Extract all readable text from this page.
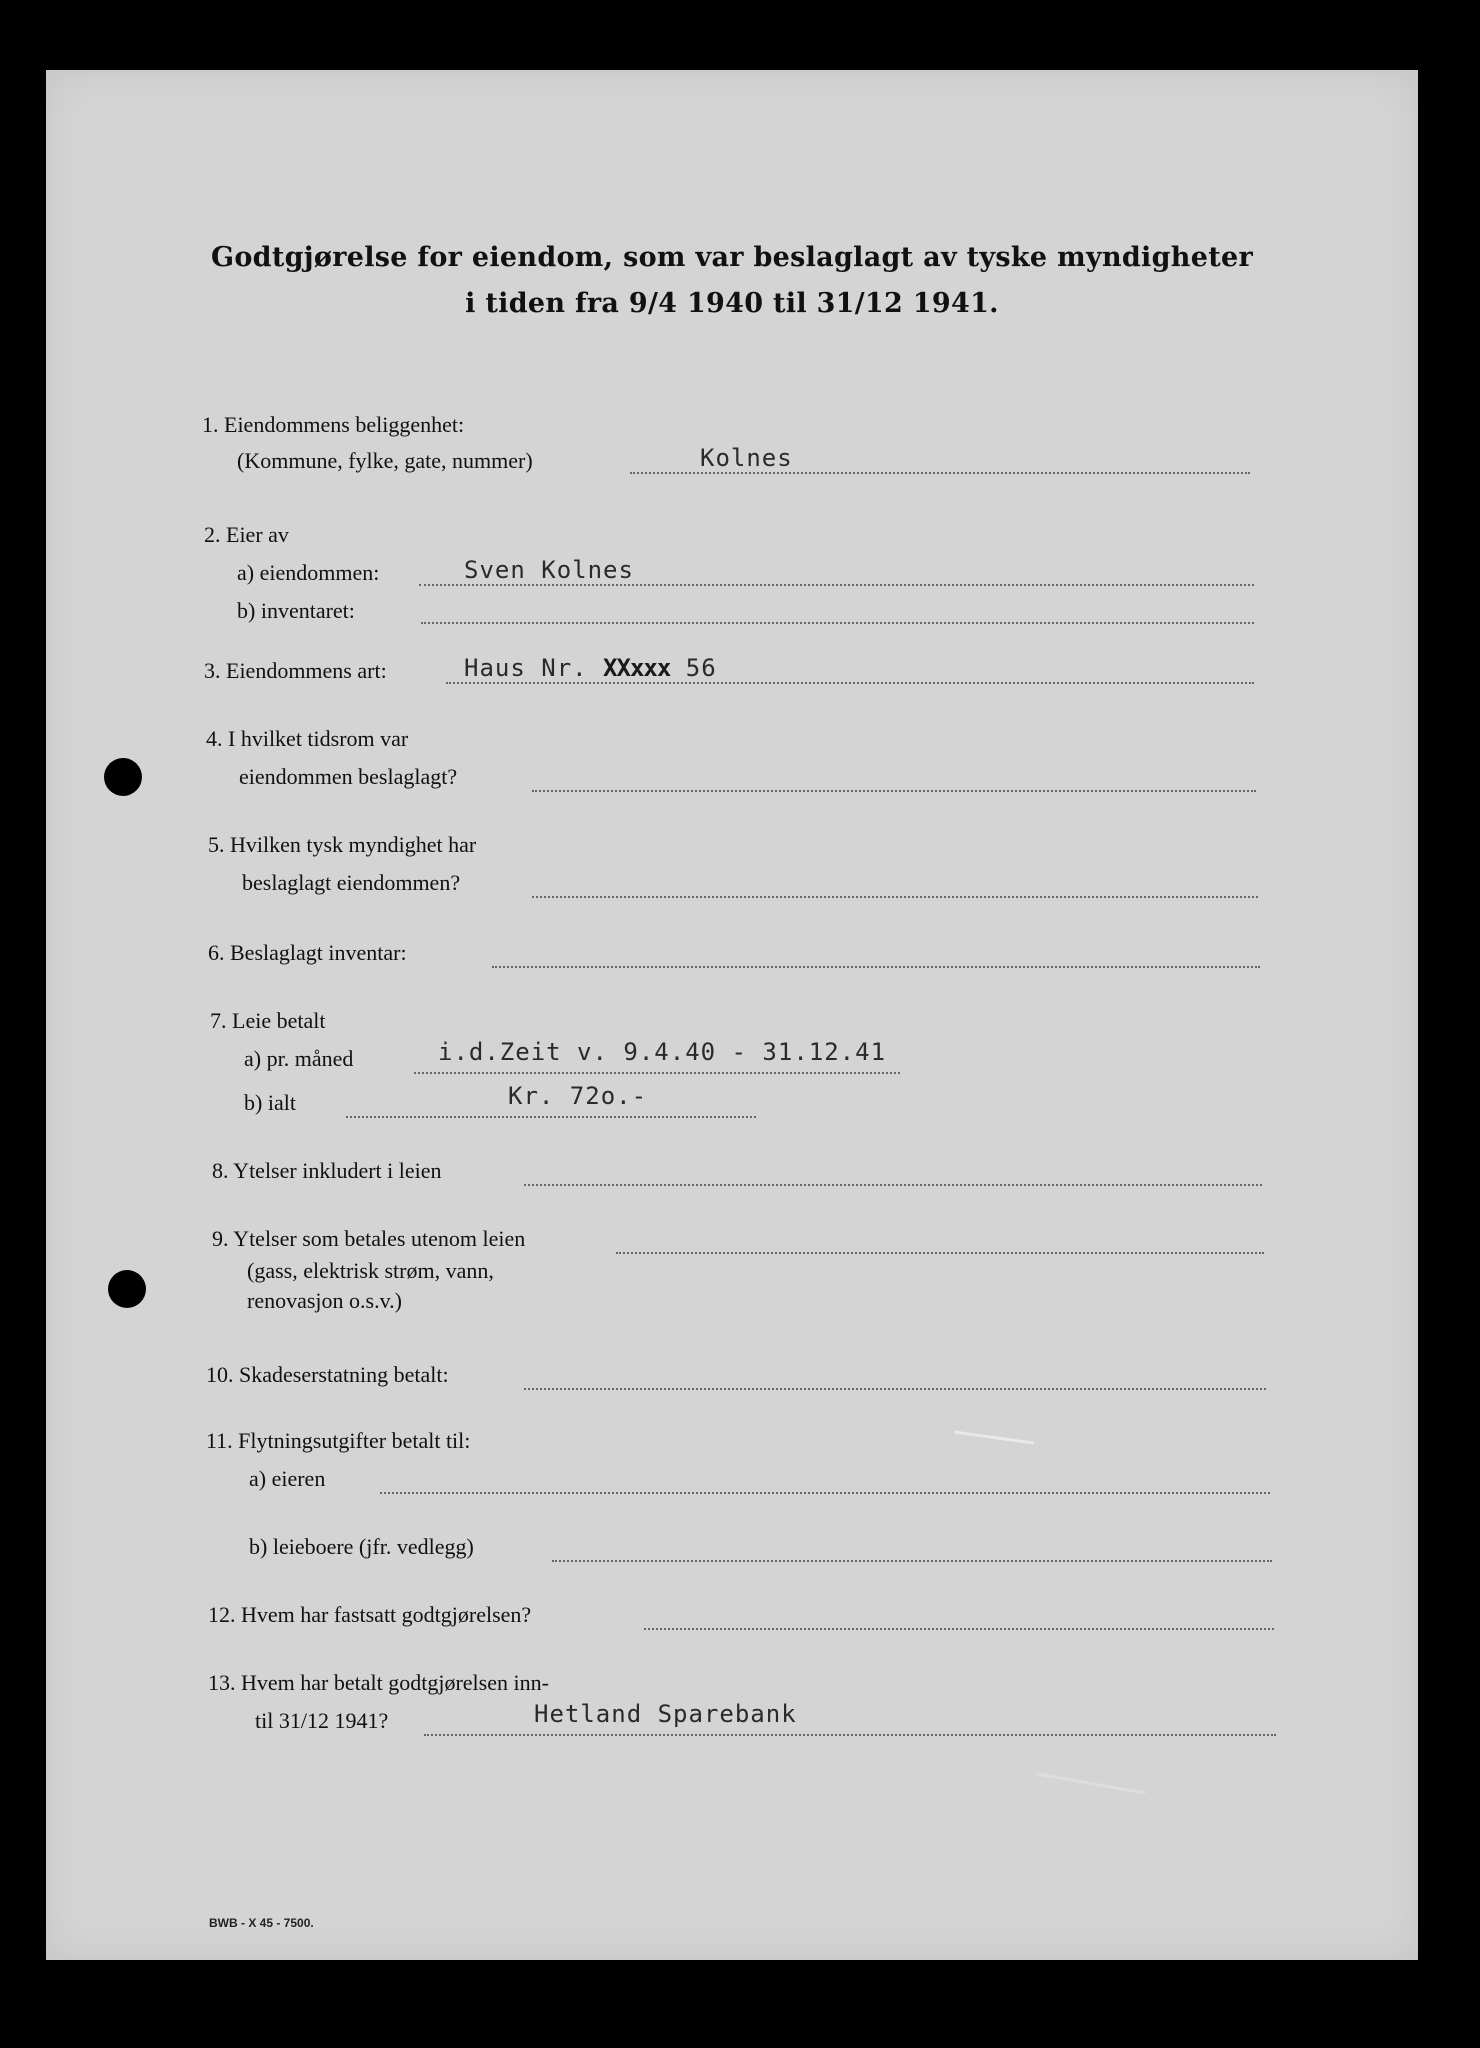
Godtgjørelse for eiendom, som var beslaglagt av tyske myndigheter
i tiden fra 9/4 1940 til 31/12 1941.
1. Eiendommens beliggenhet:
(Kommune, fylke, gate, nummer)	Kolnes
2. Eier av
a) eiendommen:	Sven Kolnes
b) inventaret:
3. Eiendommens art:	Haus Nr. XXxxx 56
4. I hvilket tidsrom var
eiendommen beslaglagt?
5. Hvilken tysk myndighet har
beslaglagt eiendommen?
6. Beslaglagt inventar:
7. Leie betalt
a) pr. måned	i.d.Zeit v. 9.4.40 - 31.12.41
b) ialt	Kr. 72o.-
8. Ytelser inkludert i leien
9. Ytelser som betales utenom leien
(gass, elektrisk strøm, vann,
renovasjon o.s.v.)
10. Skadeserstatning betalt:
11. Flytningsutgifter betalt til:
a) eieren
b) leieboere (jfr. vedlegg)
12. Hvem har fastsatt godtgjørelsen?
13. Hvem har betalt godtgjørelsen inn-
til 31/12 1941?	Hetland Sparebank
BWB - X 45 - 7500.
